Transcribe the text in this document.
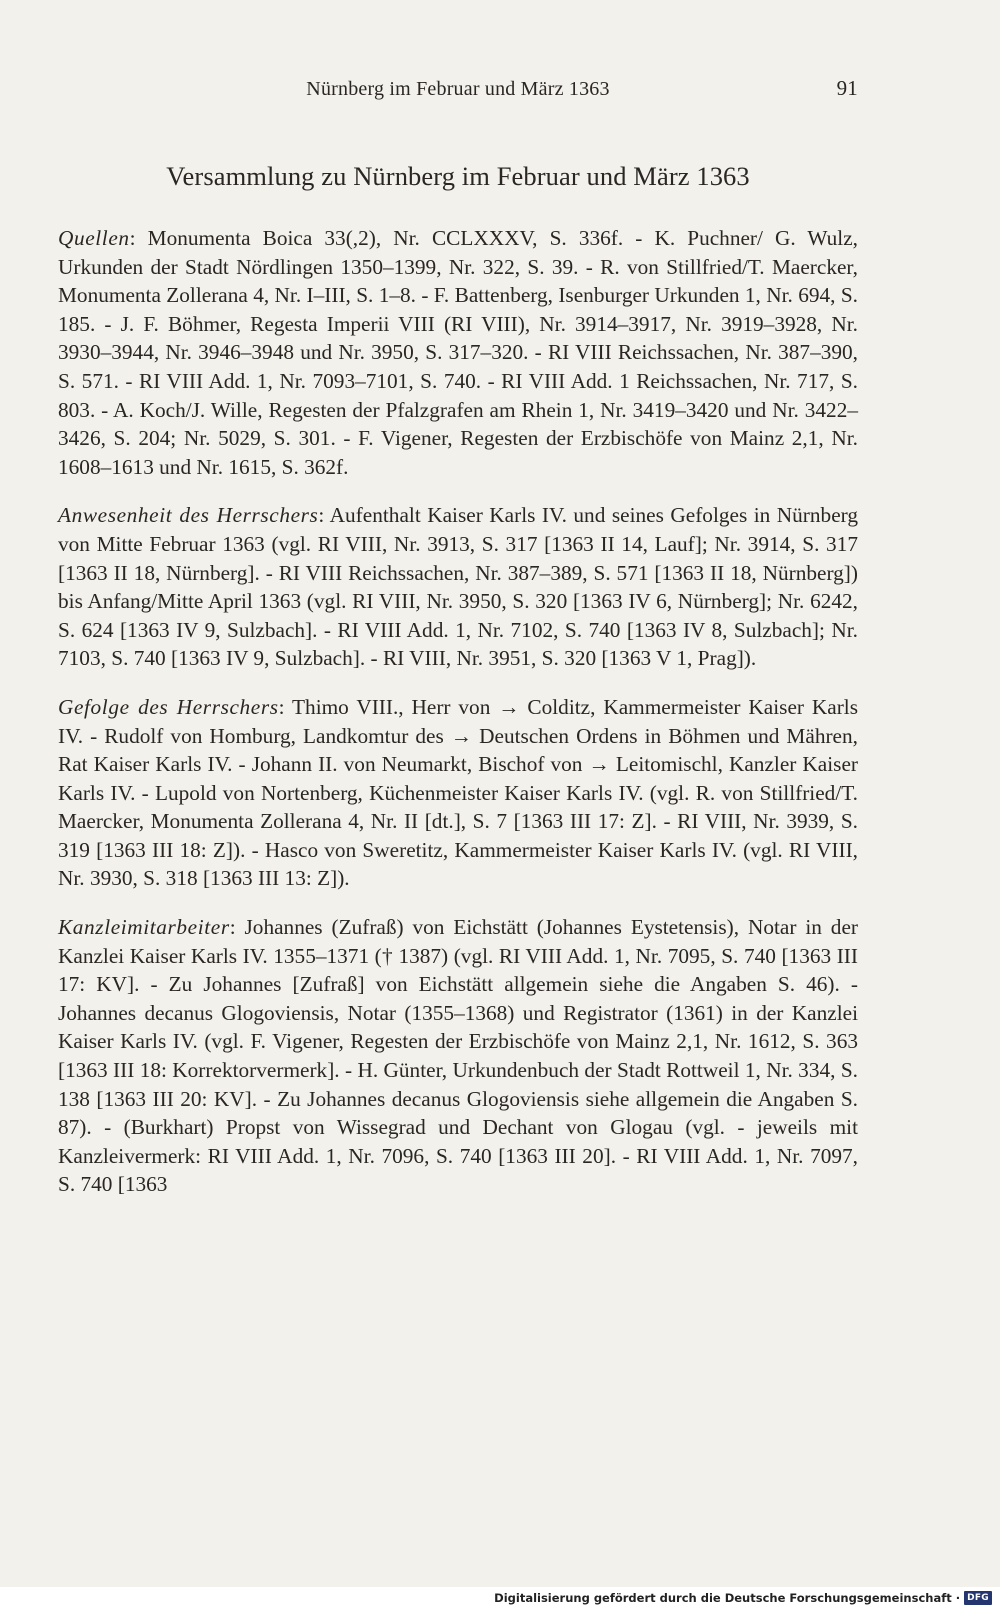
Nürnberg im Februar und März 1363	91
Versammlung zu Nürnberg im Februar und März 1363

Quellen: Monumenta Boica 33(,2), Nr. CCLXXXV, S. 336f. - K. Puchner/ G. Wulz, Urkunden der Stadt Nördlingen 1350–1399, Nr. 322, S. 39. - R. von Stillfried/T. Maercker, Monumenta Zollerana 4, Nr. I–III, S. 1–8. - F. Battenberg, Isenburger Urkunden 1, Nr. 694, S. 185. - J. F. Böhmer, Regesta Imperii VIII (RI VIII), Nr. 3914–3917, Nr. 3919–3928, Nr. 3930–3944, Nr. 3946–3948 und Nr. 3950, S. 317–320. - RI VIII Reichssachen, Nr. 387–390, S. 571. - RI VIII Add. 1, Nr. 7093–7101, S. 740. - RI VIII Add. 1 Reichssachen, Nr. 717, S. 803. - A. Koch/J. Wille, Regesten der Pfalzgrafen am Rhein 1, Nr. 3419–3420 und Nr. 3422–3426, S. 204; Nr. 5029, S. 301. - F. Vigener, Regesten der Erzbischöfe von Mainz 2,1, Nr. 1608–1613 und Nr. 1615, S. 362f.

Anwesenheit des Herrschers: Aufenthalt Kaiser Karls IV. und seines Gefolges in Nürnberg von Mitte Februar 1363 (vgl. RI VIII, Nr. 3913, S. 317 [1363 II 14, Lauf]; Nr. 3914, S. 317 [1363 II 18, Nürnberg]. - RI VIII Reichssachen, Nr. 387–389, S. 571 [1363 II 18, Nürnberg]) bis Anfang/Mitte April 1363 (vgl. RI VIII, Nr. 3950, S. 320 [1363 IV 6, Nürnberg]; Nr. 6242, S. 624 [1363 IV 9, Sulzbach]. - RI VIII Add. 1, Nr. 7102, S. 740 [1363 IV 8, Sulzbach]; Nr. 7103, S. 740 [1363 IV 9, Sulzbach]. - RI VIII, Nr. 3951, S. 320 [1363 V 1, Prag]).

Gefolge des Herrschers: Thimo VIII., Herr von → Colditz, Kammermeister Kaiser Karls IV. - Rudolf von Homburg, Landkomtur des → Deutschen Ordens in Böhmen und Mähren, Rat Kaiser Karls IV. - Johann II. von Neumarkt, Bischof von → Leitomischl, Kanzler Kaiser Karls IV. - Lupold von Nortenberg, Küchenmeister Kaiser Karls IV. (vgl. R. von Stillfried/T. Maercker, Monumenta Zollerana 4, Nr. II [dt.], S. 7 [1363 III 17: Z]. - RI VIII, Nr. 3939, S. 319 [1363 III 18: Z]). - Hasco von Sweretitz, Kammermeister Kaiser Karls IV. (vgl. RI VIII, Nr. 3930, S. 318 [1363 III 13: Z]).

Kanzleimitarbeiter: Johannes (Zufraß) von Eichstätt (Johannes Eystetensis), Notar in der Kanzlei Kaiser Karls IV. 1355–1371 († 1387) (vgl. RI VIII Add. 1, Nr. 7095, S. 740 [1363 III 17: KV]. - Zu Johannes [Zufraß] von Eichstätt allgemein siehe die Angaben S. 46). - Johannes decanus Glogoviensis, Notar (1355–1368) und Registrator (1361) in der Kanzlei Kaiser Karls IV. (vgl. F. Vigener, Regesten der Erzbischöfe von Mainz 2,1, Nr. 1612, S. 363 [1363 III 18: Korrektorvermerk]. - H. Günter, Urkundenbuch der Stadt Rottweil 1, Nr. 334, S. 138 [1363 III 20: KV]. - Zu Johannes decanus Glogoviensis siehe allgemein die Angaben S. 87). - (Burkhart) Propst von Wissegrad und Dechant von Glogau (vgl. - jeweils mit Kanzleivermerk: RI VIII Add. 1, Nr. 7096, S. 740 [1363 III 20]. - RI VIII Add. 1, Nr. 7097, S. 740 [1363

Digitalisierung gefördert durch die Deutsche Forschungsgemeinschaft · DFG
